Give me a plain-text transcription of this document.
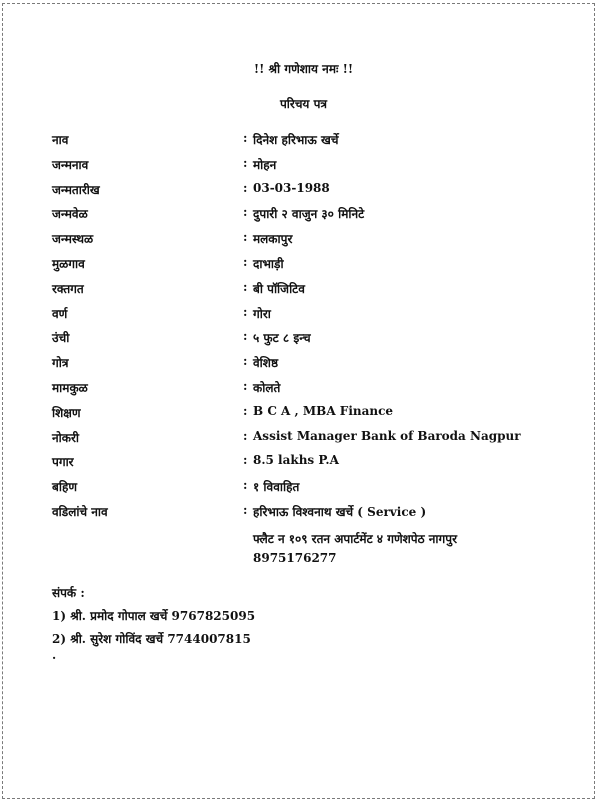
!! श्री गणेशाय नमः !!
परिचय पत्र
नाव	: दिनेश हरिभाऊ खर्चे
जन्मनाव	: मोहन
जन्मतारीख	: 03-03-1988
जन्मवेळ	: दुपारी २ वाजुन ३० मिनिटे
जन्मस्थळ	: मलकापुर
मुळगाव	: दाभाड़ी
रक्तगत	: बी पॉजिटिव
वर्ण	: गोरा
उंची	: ५ फुट ८ इन्च
गोत्र	: वेशिष्ठ
मामकुळ	: कोलते
शिक्षण	: B C A , MBA Finance
नोकरी	: Assist Manager Bank of Baroda Nagpur
पगार	: 8.5 lakhs P.A
बहिण	: १ विवाहित
वडिलांचे नाव	: हरिभाऊ विश्वनाथ खर्चे ( Service )
फ्लैट न १०९ रतन अपार्टमेंट ४ गणेशपेठ नागपुर
8975176277
संपर्क :
1) श्री. प्रमोद गोपाल खर्चे 9767825095
2) श्री. सुरेश गोविंद खर्चे 7744007815
.
